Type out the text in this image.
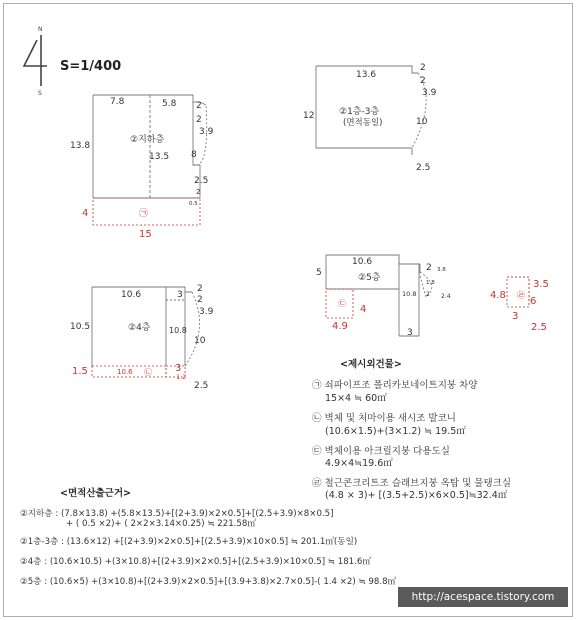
N
S
S=1/400
7.8	5.8 2
2
3.9
8
2.5
2
0.5
13.8
13.5
②지하층
4
15
㉠
13.6
2
2
3.9
10
12
2.5
②1층-3층
(면적동일)
10.6	3
2
2
3.9
10.8
10
10.5	②4층
10.6 ㉡
1.5	3
1.2
2.5
10.6
5	2 3.8
10.8
1.8
2 2.4
3
②5층
㉢
4
4.9
4.8 ㉣
3.5
6
3
2.5
<제시외건물>
㉠ 쇠파이프조 폴리카보네이트지붕 차양
15×4 ≒ 60㎡
㉡ 벽체 및 처마이용 새시조 발코니
(10.6×1.5)+(3×1.2) ≒ 19.5㎡
㉢ 벽체이용 아크릴지붕 다용도실
4.9×4≒19.6㎡
㉣ 철근콘크리트조 슬래브지붕 옥탑 및 물탱크실
(4.8 × 3)+ [(3.5+2.5)×6×0.5]≒32.4㎡
<면적산출근거>
②지하층 : (7.8×13.8) +(5.8×13.5)+[(2+3.9)×2×0.5]+[(2.5+3.9)×8×0.5]
+ ( 0.5 ×2)+ ( 2×2×3.14×0.25) ≒ 221.58㎡
②1층-3층 : (13.6×12) +[(2+3.9)×2×0.5]+[(2.5+3.9)×10×0.5] ≒ 201.1㎡(동일)
②4층 : (10.6×10.5) +(3×10.8)+[(2+3.9)×2×0.5]+[(2.5+3.9)×10×0.5] ≒ 181.6㎡
②5층 : (10.6×5) +(3×10.8)+[(2+3.9)×2×0.5]+[(3.9+3.8)×2.7×0.5]-( 1.4 ×2) ≒ 98.8㎡
http://acespace.tistory.com
